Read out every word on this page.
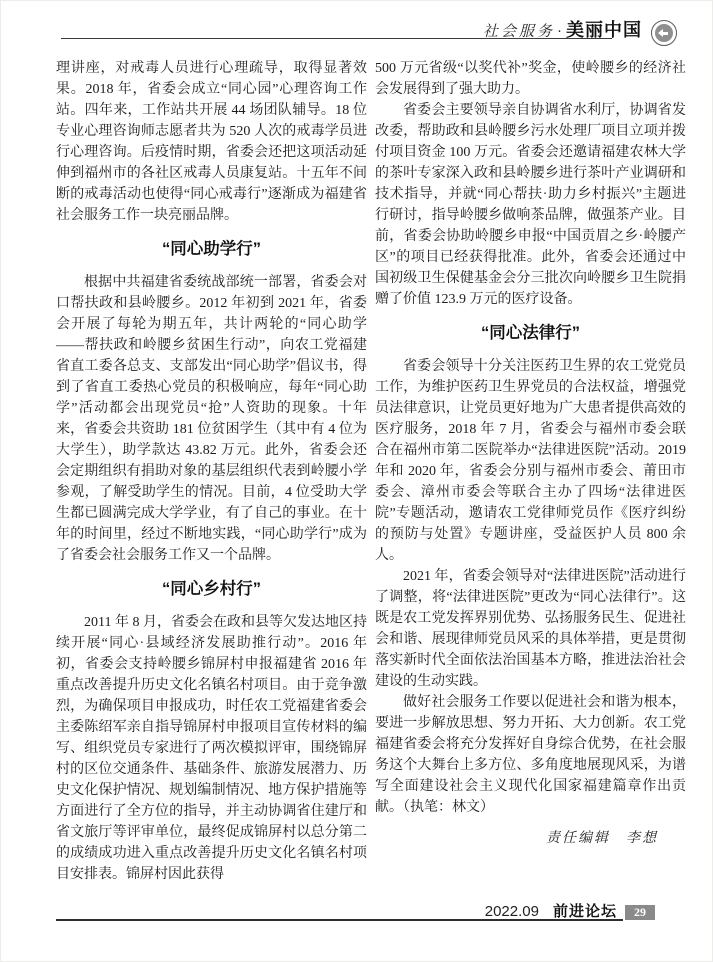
社会服务 · 美丽中国

理讲座，对戒毒人员进行心理疏导，取得显著效果。2018 年，省委会成立“同心园”心理咨询工作站。四年来，工作站共开展 44 场团队辅导。18 位专业心理咨询师志愿者共为 520 人次的戒毒学员进行心理咨询。后疫情时期，省委会还把这项活动延伸到福州市的各社区戒毒人员康复站。十五年不间断的戒毒活动也使得“同心戒毒行”逐渐成为福建省社会服务工作一块亮丽品牌。

“同心助学行”

根据中共福建省委统战部统一部署，省委会对口帮扶政和县岭腰乡。2012 年初到 2021 年，省委会开展了每轮为期五年，共计两轮的“同心助学——帮扶政和岭腰乡贫困生行动”，向农工党福建省直工委各总支、支部发出“同心助学”倡议书，得到了省直工委热心党员的积极响应，每年“同心助学”活动都会出现党员“抢”人资助的现象。十年来，省委会共资助 181 位贫困学生（其中有 4 位为大学生），助学款达 43.82 万元。此外，省委会还会定期组织有捐助对象的基层组织代表到岭腰小学参观，了解受助学生的情况。目前，4 位受助大学生都已圆满完成大学学业，有了自己的事业。在十年的时间里，经过不断地实践，“同心助学行”成为了省委会社会服务工作又一个品牌。

“同心乡村行”

2011 年 8 月，省委会在政和县等欠发达地区持续开展“同心·县域经济发展助推行动”。2016 年初，省委会支持岭腰乡锦屏村申报福建省 2016 年重点改善提升历史文化名镇名村项目。由于竞争激烈，为确保项目申报成功，时任农工党福建省委会主委陈绍军亲自指导锦屏村申报项目宣传材料的编写、组织党员专家进行了两次模拟评审，围绕锦屏村的区位交通条件、基础条件、旅游发展潜力、历史文化保护情况、规划编制情况、地方保护措施等方面进行了全方位的指导，并主动协调省住建厅和省文旅厅等评审单位，最终促成锦屏村以总分第二的成绩成功进入重点改善提升历史文化名镇名村项目安排表。锦屏村因此获得

500 万元省级“以奖代补”奖金，使岭腰乡的经济社会发展得到了强大助力。

省委会主要领导亲自协调省水利厅，协调省发改委，帮助政和县岭腰乡污水处理厂项目立项并拨付项目资金 100 万元。省委会还邀请福建农林大学的茶叶专家深入政和县岭腰乡进行茶叶产业调研和技术指导，并就“同心帮扶·助力乡村振兴”主题进行研讨，指导岭腰乡做响茶品牌，做强茶产业。目前，省委会协助岭腰乡申报“中国贡眉之乡·岭腰产区”的项目已经获得批准。此外，省委会还通过中国初级卫生保健基金会分三批次向岭腰乡卫生院捐赠了价值 123.9 万元的医疗设备。

“同心法律行”

省委会领导十分关注医药卫生界的农工党党员工作，为维护医药卫生界党员的合法权益，增强党员法律意识，让党员更好地为广大患者提供高效的医疗服务，2018 年 7 月，省委会与福州市委会联合在福州市第二医院举办“法律进医院”活动。2019 年和 2020 年，省委会分别与福州市委会、莆田市委会、漳州市委会等联合主办了四场“法律进医院”专题活动，邀请农工党律师党员作《医疗纠纷的预防与处置》专题讲座，受益医护人员 800 余人。

2021 年，省委会领导对“法律进医院”活动进行了调整，将“法律进医院”更改为“同心法律行”。这既是农工党发挥界别优势、弘扬服务民生、促进社会和谐、展现律师党员风采的具体举措，更是贯彻落实新时代全面依法治国基本方略，推进法治社会建设的生动实践。

做好社会服务工作要以促进社会和谐为根本，要进一步解放思想、努力开拓、大力创新。农工党福建省委会将充分发挥好自身综合优势，在社会服务这个大舞台上多方位、多角度地展现风采，为谱写全面建设社会主义现代化国家福建篇章作出贡献。（执笔：林文）

责任编辑　李想
2022.09 前进论坛	29
